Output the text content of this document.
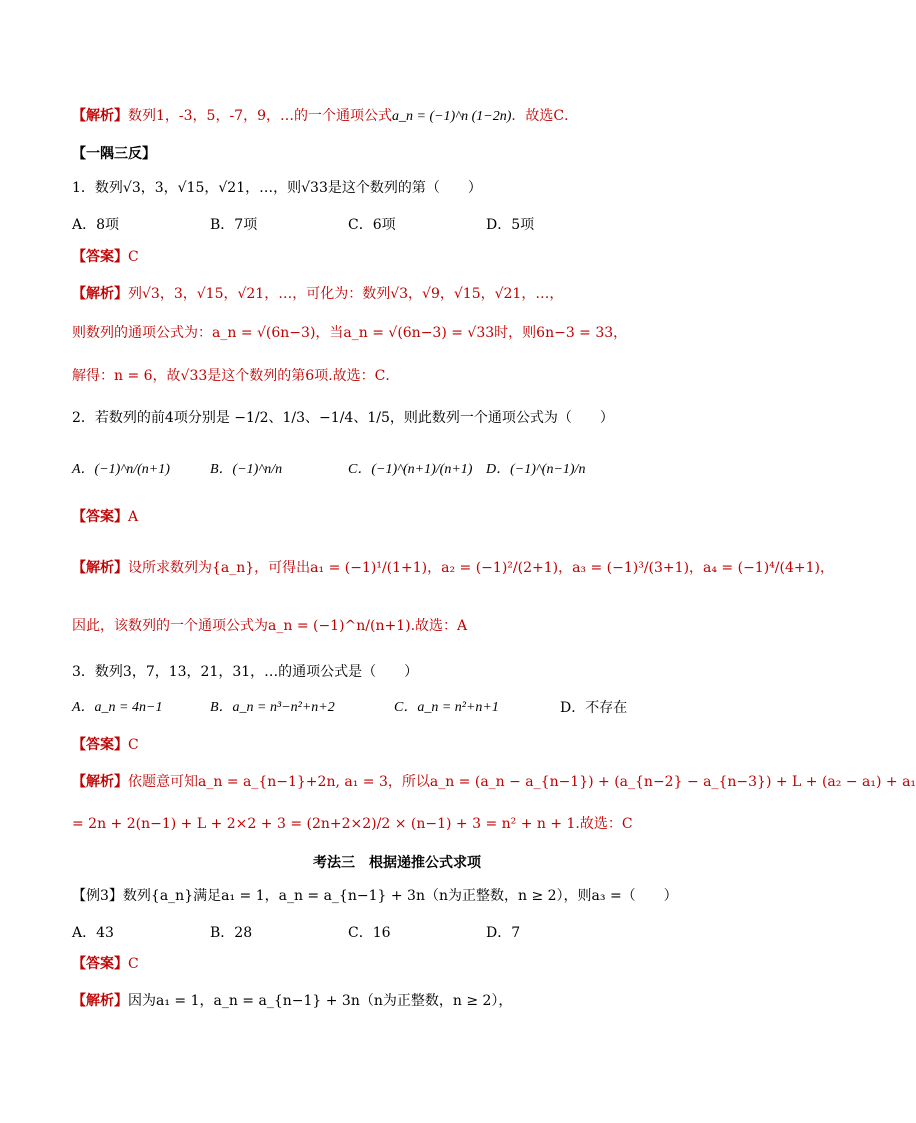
【解析】数列1，-3，5，-7，9，…的一个通项公式a_n = (−1)^n (1−2n)．故选C．
【一隅三反】
1．数列√3，3，√15，√21，…，则√33是这个数列的第（　　）
A．8项	B．7项	C．6项	D．5项
【答案】C
【解析】列√3，3，√15，√21，…，可化为：数列√3，√9，√15，√21，…，
则数列的通项公式为：a_n = √(6n−3)，当a_n = √(6n−3) = √33时，则6n−3 = 33，
解得：n = 6，故√33是这个数列的第6项.故选：C．
2．若数列的前4项分别是 −1/2、1/3、−1/4、1/5，则此数列一个通项公式为（　　）
A．(−1)^n/(n+1)	B．(−1)^n/n	C．(−1)^(n+1)/(n+1) D．(−1)^(n−1)/n
【答案】A
【解析】设所求数列为{a_n}，可得出a₁ = (−1)¹/(1+1)，a₂ = (−1)²/(2+1)，a₃ = (−1)³/(3+1)，a₄ = (−1)⁴/(4+1)，
因此，该数列的一个通项公式为a_n = (−1)^n/(n+1).故选：A
3．数列3，7，13，21，31，…的通项公式是（　　）
A．a_n = 4n−1	B．a_n = n³−n²+n+2	C．a_n = n²+n+1	D．不存在
【答案】C
【解析】依题意可知a_n = a_{n−1}+2n, a₁ = 3，所以a_n = (a_n − a_{n−1}) + (a_{n−2} − a_{n−3}) + L + (a₂ − a₁) + a₁
= 2n + 2(n−1) + L + 2×2 + 3 = (2n+2×2)/2 × (n−1) + 3 = n² + n + 1.故选：C
考法三　根据递推公式求项
【例3】数列{a_n}满足a₁ = 1，a_n = a_{n−1} + 3n（n为正整数，n ≥ 2），则a₃ =（　　）
A．43	B．28	C．16	D．7
【答案】C
【解析】因为a₁ = 1，a_n = a_{n−1} + 3n（n为正整数，n ≥ 2），
